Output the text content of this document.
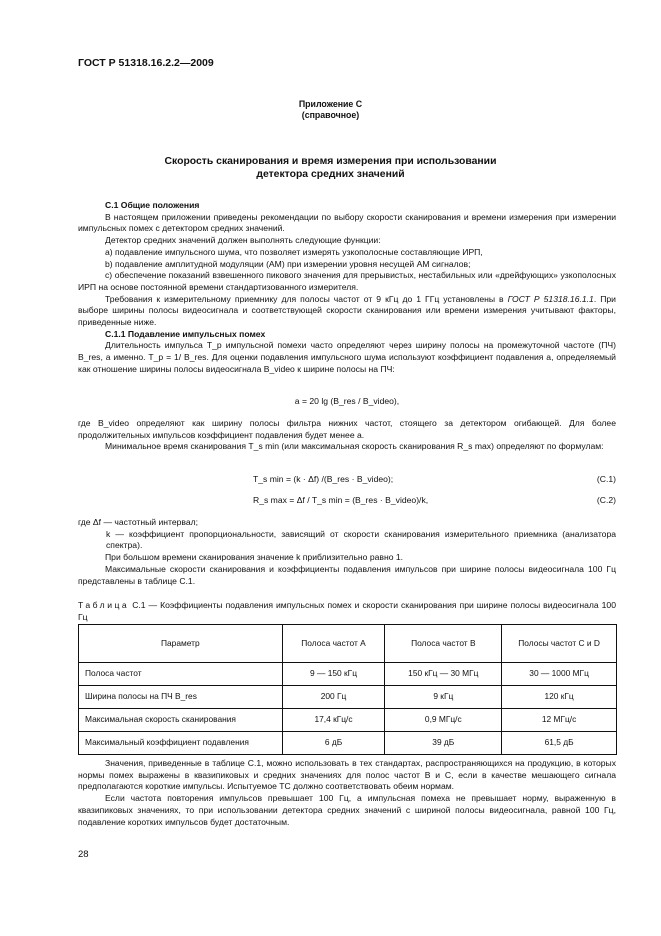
ГОСТ Р 51318.16.2.2—2009
Приложение С
(справочное)
Скорость сканирования и время измерения при использовании
детектора средних значений

С.1 Общие положения

В настоящем приложении приведены рекомендации по выбору скорости сканирования и времени измерения при измерении импульсных помех с детектором средних значений.

Детектор средних значений должен выполнять следующие функции:

а) подавление импульсного шума, что позволяет измерять узкополосные составляющие ИРП,

b) подавление амплитудной модуляции (АМ) при измерении уровня несущей АМ сигналов;

с) обеспечение показаний взвешенного пикового значения для прерывистых, нестабильных или «дрейфующих» узкополосных ИРП на основе постоянной времени стандартизованного измерителя.

Требования к измерительному приемнику для полосы частот от 9 кГц до 1 ГГц установлены в ГОСТ Р 51318.16.1.1. При выборе ширины полосы видеосигнала и соответствующей скорости сканирования или времени измерения учитывают факторы, приведенные ниже.

С.1.1 Подавление импульсных помех

Длительность импульса T_p импульсной помехи часто определяют через ширину полосы на промежуточной частоте (ПЧ) B_res, а именно. T_p = 1/ B_res. Для оценки подавления импульсного шума используют коэффициент подавления a, определяемый как отношение ширины полосы видеосигнала B_video к ширине полосы на ПЧ:

a = 20 lg (B_res / B_video),

где B_video определяют как ширину полосы фильтра нижних частот, стоящего за детектором огибающей. Для более продолжительных импульсов коэффициент подавления будет менее a.

Минимальное время сканирования T_s min (или максимальная скорость сканирования R_s max) определяют по формулам:

T_s min = (k · Δf) /(B_res · B_video);	(С.1)
R_s max = Δf / T_s min = (B_res · B_video)/k,	(С.2)

где Δf — частотный интервал;

k — коэффициент пропорциональности, зависящий от скорости сканирования измерительного приемника (анализатора спектра).

При большом времени сканирования значение k приблизительно равно 1.

Максимальные скорости сканирования и коэффициенты подавления импульсов при ширине полосы видеосигнала 100 Гц представлены в таблице С.1.

Таблица С.1 — Коэффициенты подавления импульсных помех и скорости сканирования при ширине полосы видеосигнала 100 Гц

Параметр	Полоса частот А	Полоса частот В	Полосы частот С и D
Полоса частот	9 — 150 кГц	150 кГц — 30 МГц	30 — 1000 МГц
Ширина полосы на ПЧ B_res	200 Гц	9 кГц	120 кГц
Максимальная скорость сканирования	17,4 кГц/с	0,9 МГц/с	12 МГц/с
Максимальный коэффициент подавления	6 дБ	39 дБ	61,5 дБ

Значения, приведенные в таблице С.1, можно использовать в тех стандартах, распространяющихся на продукцию, в которых нормы помех выражены в квазипиковых и средних значениях для полос частот В и С, если в качестве мешающего сигнала предполагаются короткие импульсы. Испытуемое ТС должно соответствовать обеим нормам.

Если частота повторения импульсов превышает 100 Гц, а импульсная помеха не превышает норму, выраженную в квазипиковых значениях, то при использовании детектора средних значений с шириной полосы видеосигнала, равной 100 Гц, подавление коротких импульсов будет достаточным.

28
